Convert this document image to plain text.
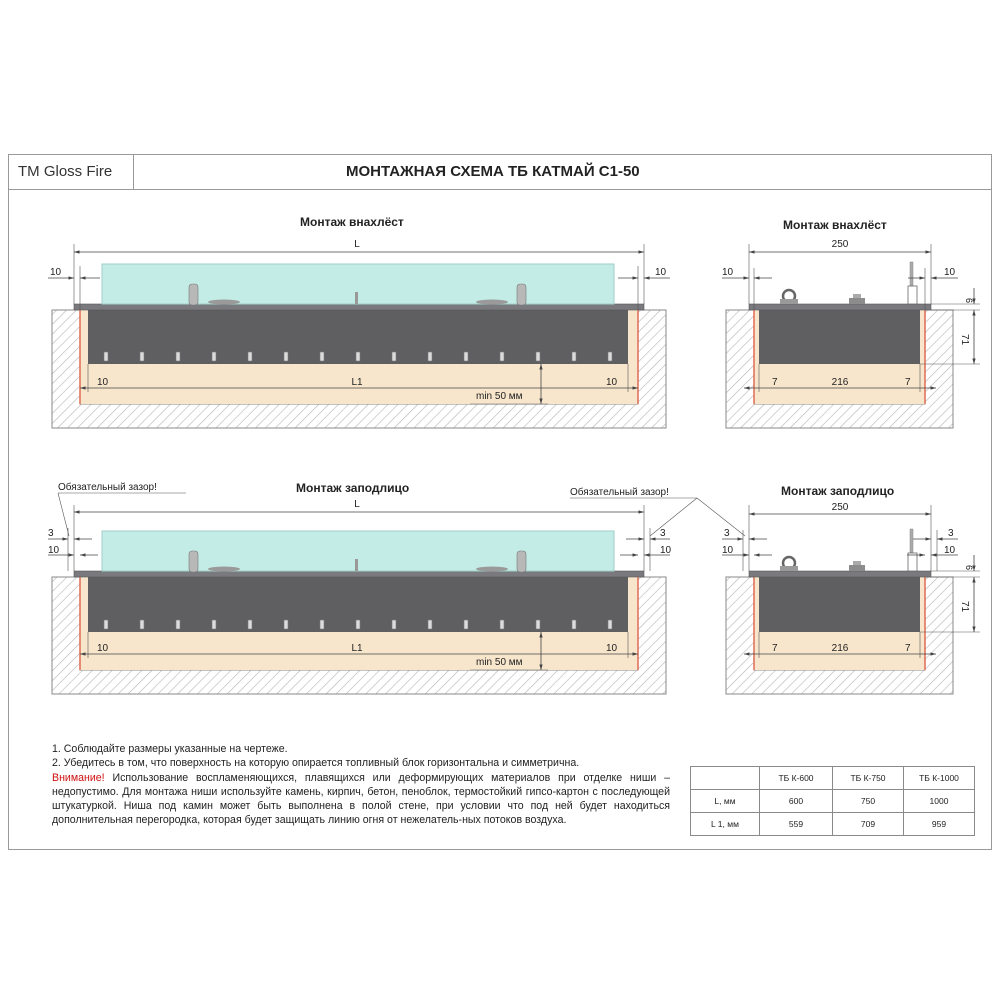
TM Gloss Fire	МОНТАЖНАЯ СХЕМА ТБ КАТМАЙ С1-50
Монтаж внахлёст	Монтаж внахлёст
Монтаж заподлицо	Монтаж заподлицо
L
10	10
10	L1	10
min 50 мм
250
10	10
6
71
7	216	7
L
3
10
3
10
10	L1	10
min 50 мм
Обязательный зазор!	Обязательный зазор!
250
3
10
3
10
6
71
7	216	7

1. Соблюдайте размеры указанные на чертеже.

2. Убедитесь в том, что поверхность на которую опирается топливный блок горизонтальна и симметрична.

Внимание! Использование воспламеняющихся, плавящихся или деформирующих материалов при отделке ниши – недопустимо. Для монтажа ниши используйте камень, кирпич, бетон, пеноблок, термостойкий гипсо-картон с последующей штукатуркой. Ниша под камин может быть выполнена в полой стене, при условии что под ней будет находиться дополнительная перегородка, которая будет защищать линию огня от нежелатель-ных потоков воздуха.

	ТБ К-600	ТБ К-750	ТБ К-1000
L, мм	600	750	1000
L 1, мм	559	709	959
